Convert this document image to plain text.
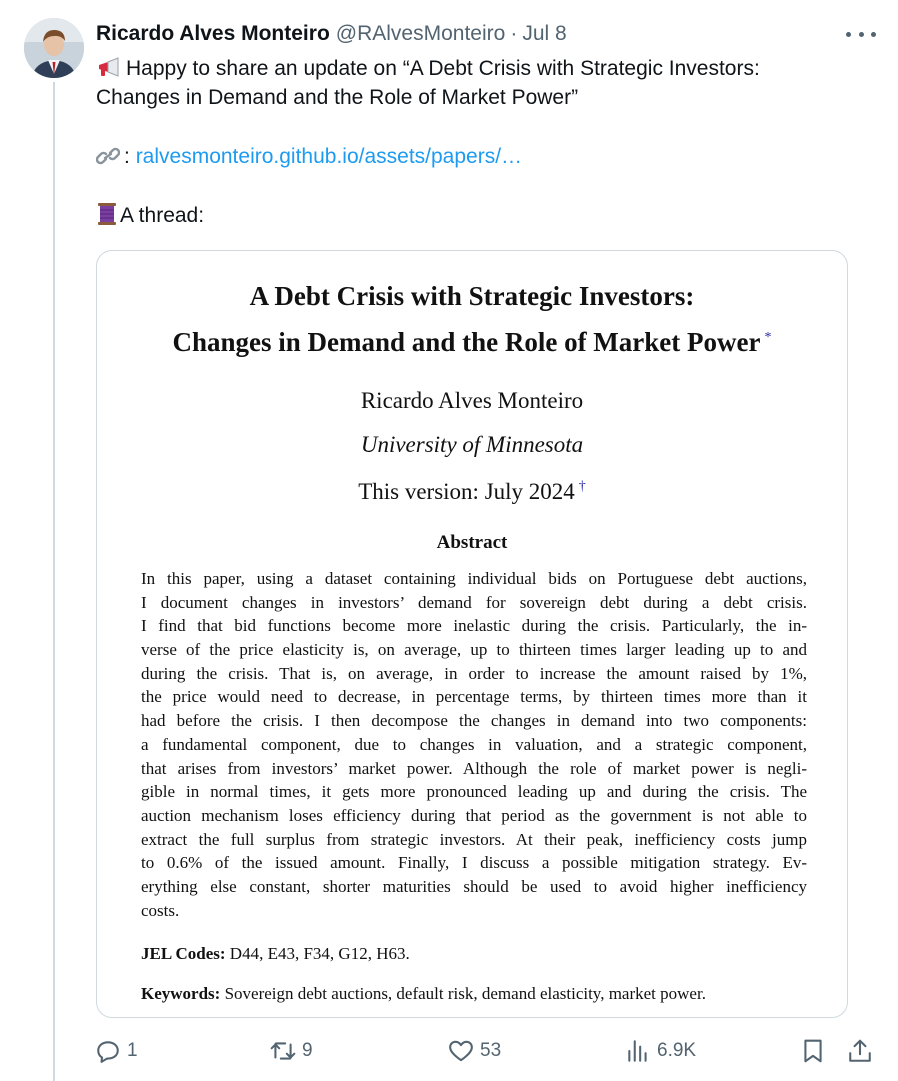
Ricardo Alves Monteiro @RAlvesMonteiro · Jul 8
Happy to share an update on “A Debt Crisis with Strategic Investors:
Changes in Demand and the Role of Market Power”
: ralvesmonteiro.github.io/assets/papers/…
A thread:
A Debt Crisis with Strategic Investors:
Changes in Demand and the Role of Market Power *
Ricardo Alves Monteiro
University of Minnesota
This version: July 2024 †
Abstract
In this paper, using a dataset containing individual bids on Portuguese debt auctions,
I document changes in investors’ demand for sovereign debt during a debt crisis.
I find that bid functions become more inelastic during the crisis. Particularly, the in-
verse of the price elasticity is, on average, up to thirteen times larger leading up to and
during the crisis. That is, on average, in order to increase the amount raised by 1%,
the price would need to decrease, in percentage terms, by thirteen times more than it
had before the crisis. I then decompose the changes in demand into two components:
a fundamental component, due to changes in valuation, and a strategic component,
that arises from investors’ market power. Although the role of market power is negli-
gible in normal times, it gets more pronounced leading up and during the crisis. The
auction mechanism loses efficiency during that period as the government is not able to
extract the full surplus from strategic investors. At their peak, inefficiency costs jump
to 0.6% of the issued amount. Finally, I discuss a possible mitigation strategy. Ev-
erything else constant, shorter maturities should be used to avoid higher inefficiency
costs.
JEL Codes: D44, E43, F34, G12, H63.
Keywords: Sovereign debt auctions, default risk, demand elasticity, market power.
1	9	53	6.9K
